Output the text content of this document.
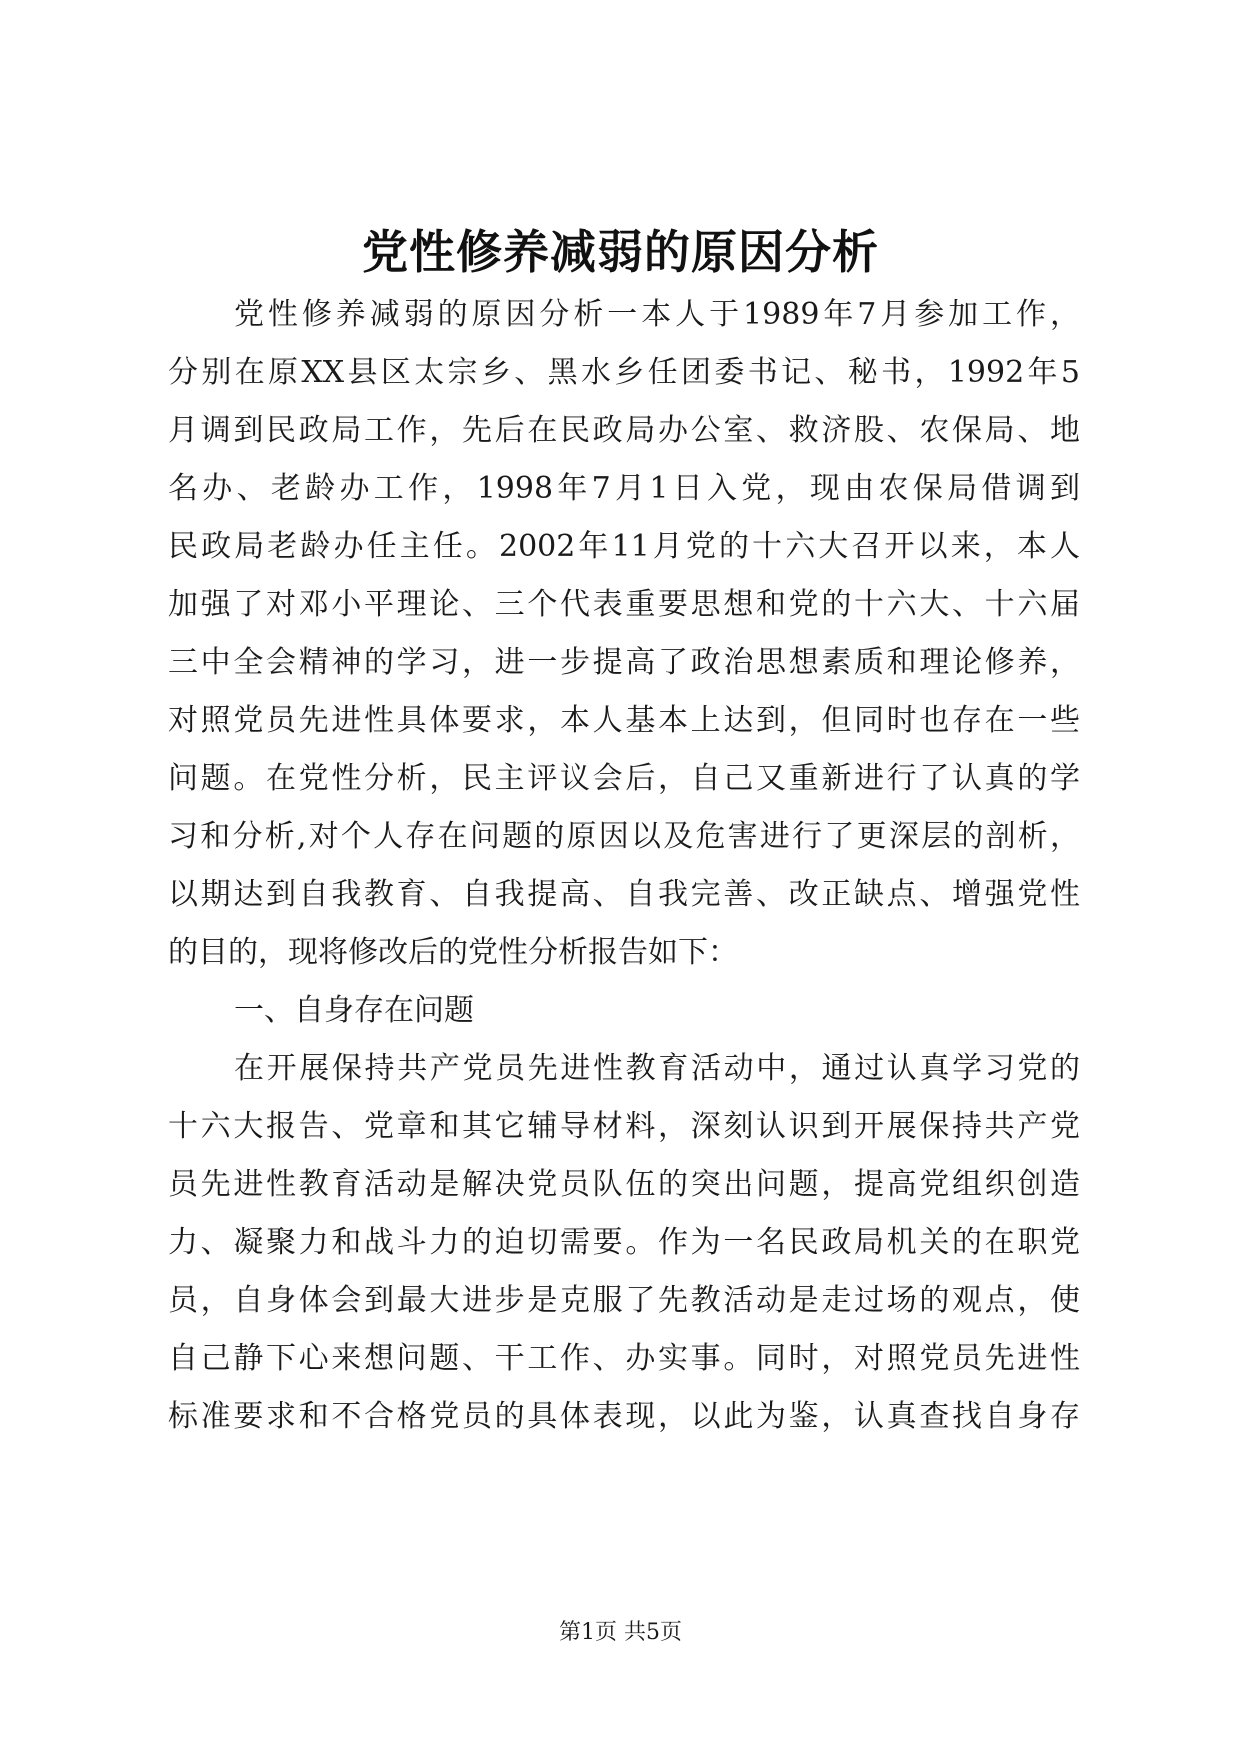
党性修养减弱的原因分析
党性修养减弱的原因分析一本人于1989年7月参加工作，
分别在原XX县区太宗乡、黑水乡任团委书记、秘书，1992年5
月调到民政局工作，先后在民政局办公室、救济股、农保局、地
名办、老龄办工作，1998年7月1日入党，现由农保局借调到
民政局老龄办任主任。2002年11月党的十六大召开以来，本人
加强了对邓小平理论、三个代表重要思想和党的十六大、十六届
三中全会精神的学习，进一步提高了政治思想素质和理论修养，
对照党员先进性具体要求，本人基本上达到，但同时也存在一些
问题。在党性分析，民主评议会后，自己又重新进行了认真的学
习和分析,对个人存在问题的原因以及危害进行了更深层的剖析，
以期达到自我教育、自我提高、自我完善、改正缺点、增强党性
的目的，现将修改后的党性分析报告如下：
一、自身存在问题
在开展保持共产党员先进性教育活动中，通过认真学习党的
十六大报告、党章和其它辅导材料，深刻认识到开展保持共产党
员先进性教育活动是解决党员队伍的突出问题，提高党组织创造
力、凝聚力和战斗力的迫切需要。作为一名民政局机关的在职党
员，自身体会到最大进步是克服了先教活动是走过场的观点，使
自己静下心来想问题、干工作、办实事。同时，对照党员先进性
标准要求和不合格党员的具体表现，以此为鉴，认真查找自身存
第1页 共5页
